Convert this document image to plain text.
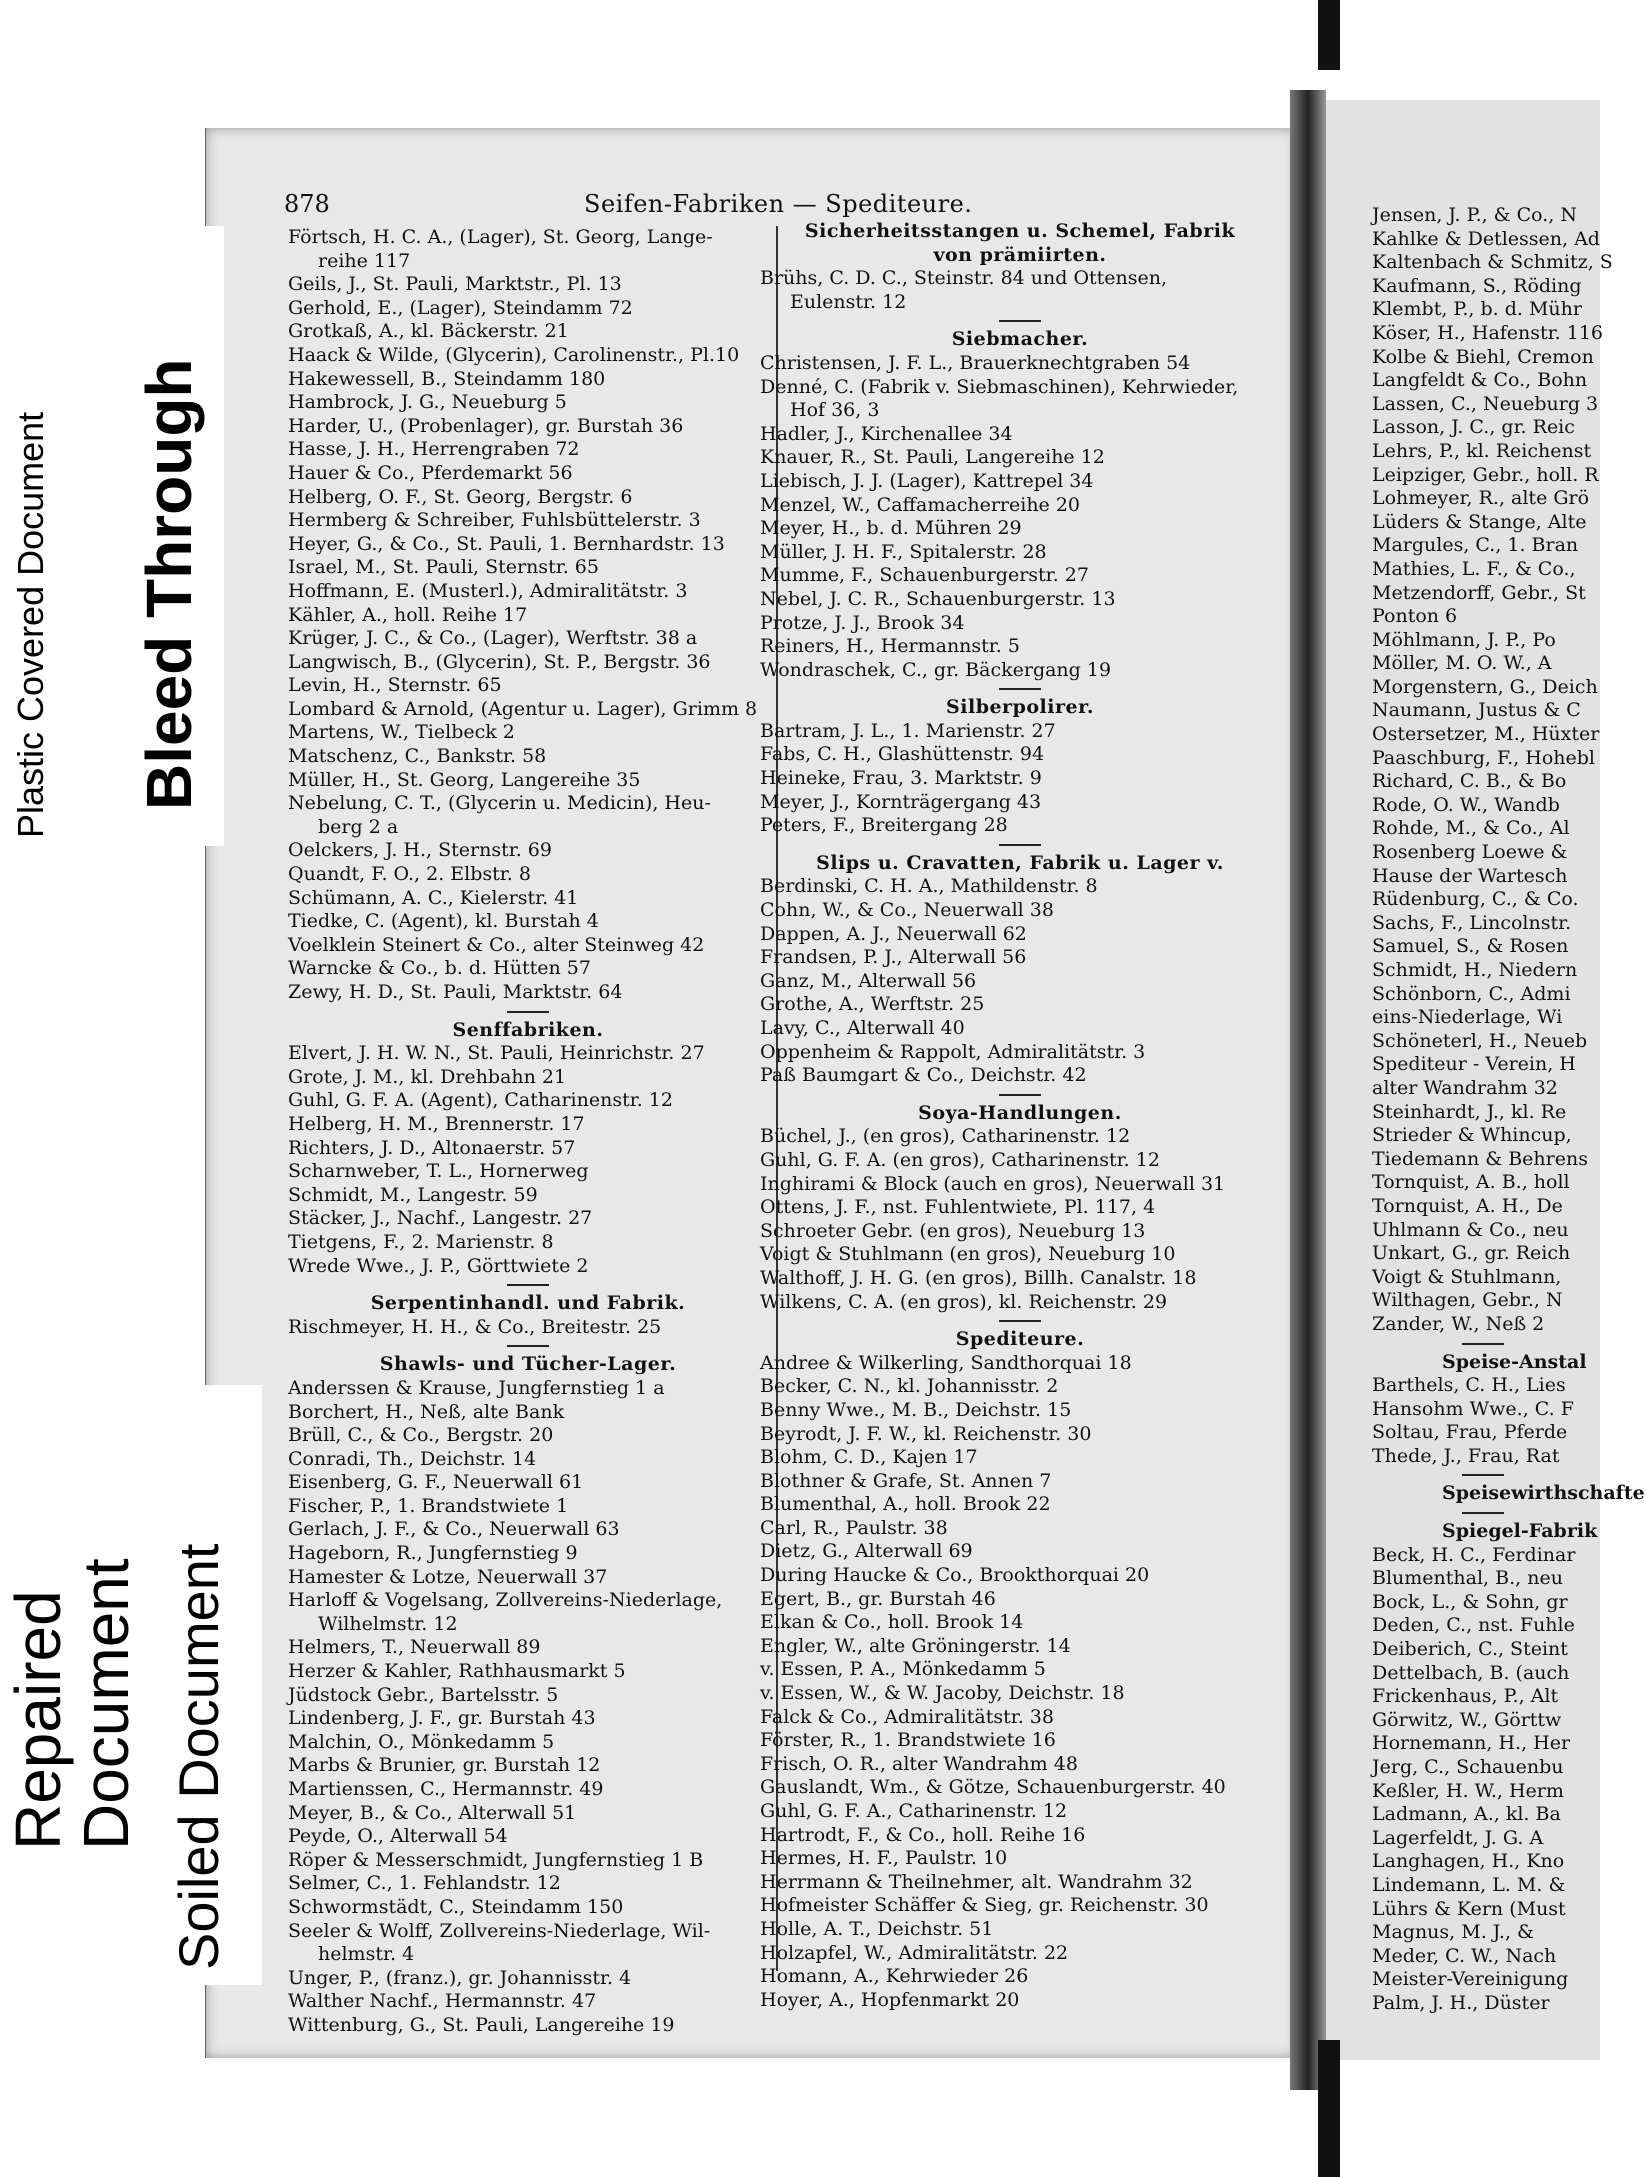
Plastic Covered Document Bleed Through
Repaired Document Soiled Document
878	Seifen-Fabriken — Spediteure.
Förtsch, H. C. A., (Lager), St. Georg, Lange-
reihe 117
Geils, J., St. Pauli, Marktstr., Pl. 13
Gerhold, E., (Lager), Steindamm 72
Grotkaß, A., kl. Bäckerstr. 21
Haack & Wilde, (Glycerin), Carolinenstr., Pl.10
Hakewessell, B., Steindamm 180
Hambrock, J. G., Neueburg 5
Harder, U., (Probenlager), gr. Burstah 36
Hasse, J. H., Herrengraben 72
Hauer & Co., Pferdemarkt 56
Helberg, O. F., St. Georg, Bergstr. 6
Hermberg & Schreiber, Fuhlsbüttelerstr. 3
Heyer, G., & Co., St. Pauli, 1. Bernhardstr. 13
Israel, M., St. Pauli, Sternstr. 65
Hoffmann, E. (Musterl.), Admiralitätstr. 3
Kähler, A., holl. Reihe 17
Krüger, J. C., & Co., (Lager), Werftstr. 38 a
Langwisch, B., (Glycerin), St. P., Bergstr. 36
Levin, H., Sternstr. 65
Lombard & Arnold, (Agentur u. Lager), Grimm 8
Martens, W., Tielbeck 2
Matschenz, C., Bankstr. 58
Müller, H., St. Georg, Langereihe 35
Nebelung, C. T., (Glycerin u. Medicin), Heu-
berg 2 a
Oelckers, J. H., Sternstr. 69
Quandt, F. O., 2. Elbstr. 8
Schümann, A. C., Kielerstr. 41
Tiedke, C. (Agent), kl. Burstah 4
Voelklein Steinert & Co., alter Steinweg 42
Warncke & Co., b. d. Hütten 57
Zewy, H. D., St. Pauli, Marktstr. 64
Senffabriken.
Elvert, J. H. W. N., St. Pauli, Heinrichstr. 27
Grote, J. M., kl. Drehbahn 21
Guhl, G. F. A. (Agent), Catharinenstr. 12
Helberg, H. M., Brennerstr. 17
Richters, J. D., Altonaerstr. 57
Scharnweber, T. L., Hornerweg
Schmidt, M., Langestr. 59
Stäcker, J., Nachf., Langestr. 27
Tietgens, F., 2. Marienstr. 8
Wrede Wwe., J. P., Görttwiete 2
Serpentinhandl. und Fabrik.
Rischmeyer, H. H., & Co., Breitestr. 25
Shawls- und Tücher-Lager.
Anderssen & Krause, Jungfernstieg 1 a
Borchert, H., Neß, alte Bank
Brüll, C., & Co., Bergstr. 20
Conradi, Th., Deichstr. 14
Eisenberg, G. F., Neuerwall 61
Fischer, P., 1. Brandstwiete 1
Gerlach, J. F., & Co., Neuerwall 63
Hageborn, R., Jungfernstieg 9
Hamester & Lotze, Neuerwall 37
Harloff & Vogelsang, Zollvereins-Niederlage,
Wilhelmstr. 12
Helmers, T., Neuerwall 89
Herzer & Kahler, Rathhausmarkt 5
Jüdstock Gebr., Bartelsstr. 5
Lindenberg, J. F., gr. Burstah 43
Malchin, O., Mönkedamm 5
Marbs & Brunier, gr. Burstah 12
Martienssen, C., Hermannstr. 49
Meyer, B., & Co., Alterwall 51
Peyde, O., Alterwall 54
Röper & Messerschmidt, Jungfernstieg 1 B
Selmer, C., 1. Fehlandstr. 12
Schwormstädt, C., Steindamm 150
Seeler & Wolff, Zollvereins-Niederlage, Wil-
helmstr. 4
Unger, P., (franz.), gr. Johannisstr. 4
Walther Nachf., Hermannstr. 47
Wittenburg, G., St. Pauli, Langereihe 19
Sicherheitsstangen u. Schemel, Fabrik
von prämiirten.
Brühs, C. D. C., Steinstr. 84 und Ottensen,
Eulenstr. 12
Siebmacher.
Christensen, J. F. L., Brauerknechtgraben 54
Denné, C. (Fabrik v. Siebmaschinen), Kehrwieder,
Hof 36, 3
Hadler, J., Kirchenallee 34
Knauer, R., St. Pauli, Langereihe 12
Liebisch, J. J. (Lager), Kattrepel 34
Menzel, W., Caffamacherreihe 20
Meyer, H., b. d. Mühren 29
Müller, J. H. F., Spitalerstr. 28
Mumme, F., Schauenburgerstr. 27
Nebel, J. C. R., Schauenburgerstr. 13
Protze, J. J., Brook 34
Reiners, H., Hermannstr. 5
Wondraschek, C., gr. Bäckergang 19
Silberpolirer.
Bartram, J. L., 1. Marienstr. 27
Fabs, C. H., Glashüttenstr. 94
Heineke, Frau, 3. Marktstr. 9
Meyer, J., Kornträgergang 43
Peters, F., Breitergang 28
Slips u. Cravatten, Fabrik u. Lager v.
Berdinski, C. H. A., Mathildenstr. 8
Cohn, W., & Co., Neuerwall 38
Dappen, A. J., Neuerwall 62
Frandsen, P. J., Alterwall 56
Ganz, M., Alterwall 56
Grothe, A., Werftstr. 25
Lavy, C., Alterwall 40
Oppenheim & Rappolt, Admiralitätstr. 3
Paß Baumgart & Co., Deichstr. 42
Soya-Handlungen.
Büchel, J., (en gros), Catharinenstr. 12
Guhl, G. F. A. (en gros), Catharinenstr. 12
Inghirami & Block (auch en gros), Neuerwall 31
Ottens, J. F., nst. Fuhlentwiete, Pl. 117, 4
Schroeter Gebr. (en gros), Neueburg 13
Voigt & Stuhlmann (en gros), Neueburg 10
Walthoff, J. H. G. (en gros), Billh. Canalstr. 18
Wilkens, C. A. (en gros), kl. Reichenstr. 29
Spediteure.
Andree & Wilkerling, Sandthorquai 18
Becker, C. N., kl. Johannisstr. 2
Benny Wwe., M. B., Deichstr. 15
Beyrodt, J. F. W., kl. Reichenstr. 30
Blohm, C. D., Kajen 17
Blothner & Grafe, St. Annen 7
Blumenthal, A., holl. Brook 22
Carl, R., Paulstr. 38
Dietz, G., Alterwall 69
During Haucke & Co., Brookthorquai 20
Egert, B., gr. Burstah 46
Elkan & Co., holl. Brook 14
Engler, W., alte Gröningerstr. 14
v. Essen, P. A., Mönkedamm 5
v. Essen, W., & W. Jacoby, Deichstr. 18
Falck & Co., Admiralitätstr. 38
Förster, R., 1. Brandstwiete 16
Frisch, O. R., alter Wandrahm 48
Gauslandt, Wm., & Götze, Schauenburgerstr. 40
Guhl, G. F. A., Catharinenstr. 12
Hartrodt, F., & Co., holl. Reihe 16
Hermes, H. F., Paulstr. 10
Herrmann & Theilnehmer, alt. Wandrahm 32
Hofmeister Schäffer & Sieg, gr. Reichenstr. 30
Holle, A. T., Deichstr. 51
Holzapfel, W., Admiralitätstr. 22
Homann, A., Kehrwieder 26
Hoyer, A., Hopfenmarkt 20
Jensen, J. P., & Co., N
Kahlke & Detlessen, Ad
Kaltenbach & Schmitz, S
Kaufmann, S., Röding
Klembt, P., b. d. Mühr
Köser, H., Hafenstr. 116
Kolbe & Biehl, Cremon
Langfeldt & Co., Bohn
Lassen, C., Neueburg 3
Lasson, J. C., gr. Reic
Lehrs, P., kl. Reichenst
Leipziger, Gebr., holl. R
Lohmeyer, R., alte Grö
Lüders & Stange, Alte
Margules, C., 1. Bran
Mathies, L. F., & Co.,
Metzendorff, Gebr., St
Ponton 6
Möhlmann, J. P., Po
Möller, M. O. W., A
Morgenstern, G., Deich
Naumann, Justus & C
Ostersetzer, M., Hüxter
Paaschburg, F., Hohebl
Richard, C. B., & Bo
Rode, O. W., Wandb
Rohde, M., & Co., Al
Rosenberg Loewe &
Hause der Wartesch
Rüdenburg, C., & Co.
Sachs, F., Lincolnstr.
Samuel, S., & Rosen
Schmidt, H., Niedern
Schönborn, C., Admi
eins-Niederlage, Wi
Schöneterl, H., Neueb
Spediteur - Verein, H
alter Wandrahm 32
Steinhardt, J., kl. Re
Strieder & Whincup,
Tiedemann & Behrens
Tornquist, A. B., holl
Tornquist, A. H., De
Uhlmann & Co., neu
Unkart, G., gr. Reich
Voigt & Stuhlmann,
Wilthagen, Gebr., N
Zander, W., Neß 2
Speise-Anstal
Barthels, C. H., Lies
Hansohm Wwe., C. F
Soltau, Frau, Pferde
Thede, J., Frau, Rat
Speisewirthschafte
Spiegel-Fabrik
Beck, H. C., Ferdinar
Blumenthal, B., neu
Bock, L., & Sohn, gr
Deden, C., nst. Fuhle
Deiberich, C., Steint
Dettelbach, B. (auch
Frickenhaus, P., Alt
Görwitz, W., Görttw
Hornemann, H., Her
Jerg, C., Schauenbu
Keßler, H. W., Herm
Ladmann, A., kl. Ba
Lagerfeldt, J. G. A
Langhagen, H., Kno
Lindemann, L. M. &
Lührs & Kern (Must
Magnus, M. J., &
Meder, C. W., Nach
Meister-Vereinigung
Palm, J. H., Düster
